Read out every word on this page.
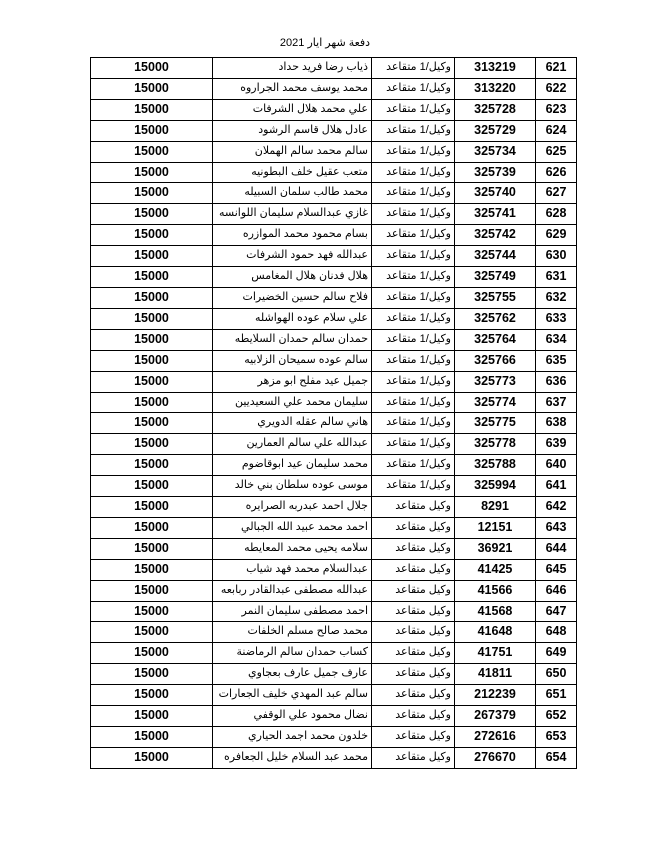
دفعة شهر ايار 2021
621	313219	وكيل/1 متقاعد	ذياب رضا فريد حداد	15000
622	313220	وكيل/1 متقاعد	محمد يوسف محمد الجراروه	15000
623	325728	وكيل/1 متقاعد	علي محمد هلال الشرفات	15000
624	325729	وكيل/1 متقاعد	عادل هلال قاسم الرشود	15000
625	325734	وكيل/1 متقاعد	سالم محمد سالم الهملان	15000
626	325739	وكيل/1 متقاعد	متعب عقيل خلف البطونيه	15000
627	325740	وكيل/1 متقاعد	محمد طالب سلمان السبيله	15000
628	325741	وكيل/1 متقاعد	غازي عبدالسلام سليمان اللوانسه	15000
629	325742	وكيل/1 متقاعد	بسام محمود محمد الموازره	15000
630	325744	وكيل/1 متقاعد	عبدالله فهد حمود الشرفات	15000
631	325749	وكيل/1 متقاعد	هلال فدنان هلال المغامس	15000
632	325755	وكيل/1 متقاعد	فلاح سالم حسين الخضيرات	15000
633	325762	وكيل/1 متقاعد	علي سلام عوده الهواشله	15000
634	325764	وكيل/1 متقاعد	حمدان سالم حمدان السلايطه	15000
635	325766	وكيل/1 متقاعد	سالم عوده سميحان الزلابيه	15000
636	325773	وكيل/1 متقاعد	جميل عيد مفلح ابو مزهر	15000
637	325774	وكيل/1 متقاعد	سليمان محمد علي السعيديين	15000
638	325775	وكيل/1 متقاعد	هاني سالم عقله الدويري	15000
639	325778	وكيل/1 متقاعد	عبدالله علي سالم العمارين	15000
640	325788	وكيل/1 متقاعد	محمد سليمان عيد ابوقاضوم	15000
641	325994	وكيل/1 متقاعد	موسى عوده سلطان بني خالد	15000
642	8291	وكيل متقاعد	جلال احمد عبدربه الصرايره	15000
643	12151	وكيل متقاعد	احمد محمد عبيد الله الجبالي	15000
644	36921	وكيل متقاعد	سلامه يحيى محمد المعايطه	15000
645	41425	وكيل متقاعد	عبدالسلام محمد فهد شياب	15000
646	41566	وكيل متقاعد	عبدالله مصطفى عبدالقادر ربابعه	15000
647	41568	وكيل متقاعد	احمد مصطفى سليمان النمر	15000
648	41648	وكيل متقاعد	محمد صالح مسلم الخلفات	15000
649	41751	وكيل متقاعد	كساب حمدان سالم الرماضنة	15000
650	41811	وكيل متقاعد	عارف جميل عارف بعجاوي	15000
651	212239	وكيل متقاعد	سالم عبد المهدي خليف الجعارات	15000
652	267379	وكيل متقاعد	نضال محمود علي الوقفي	15000
653	272616	وكيل متقاعد	خلدون محمد اجمد الحياري	15000
654	276670	وكيل متقاعد	محمد عبد السلام خليل الجعافره	15000
